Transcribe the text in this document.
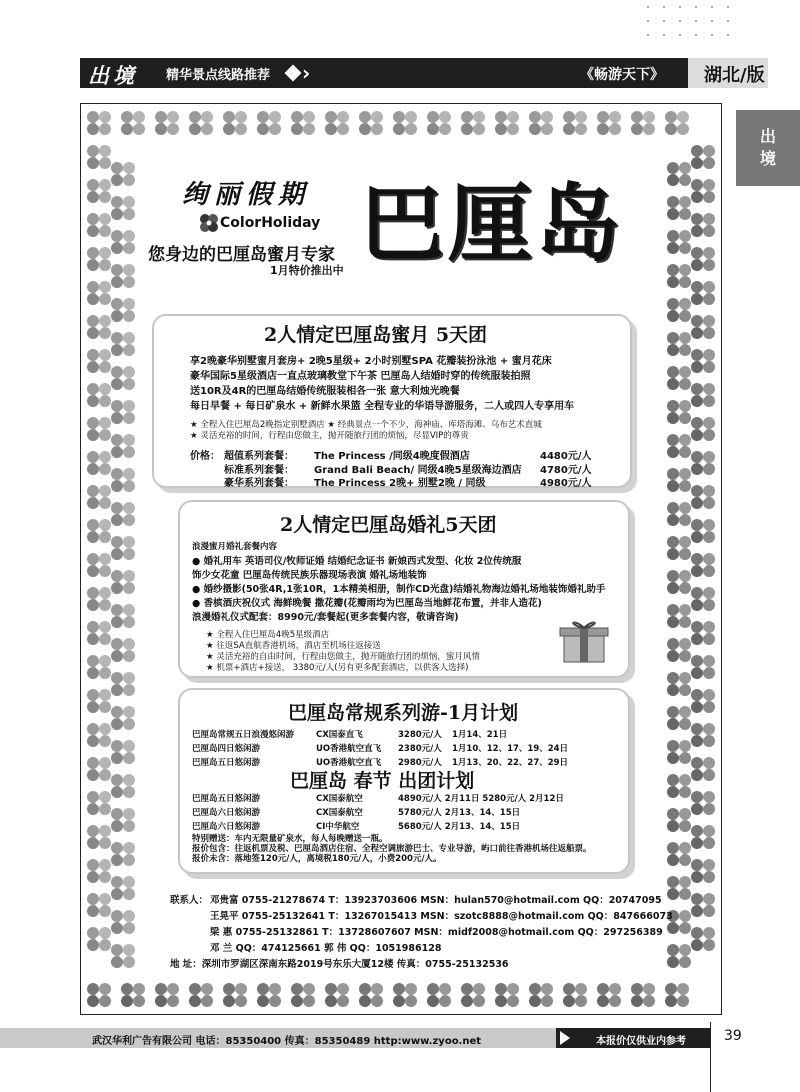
出境 精华景点线路推荐 ›	《畅游天下》 湖北/版
出
境
绚丽假期
ColorHoliday
您身边的巴厘岛蜜月专家
1月特价推出中 巴厘岛
2人情定巴厘岛蜜月 5天团
享2晚豪华别墅蜜月套房+ 2晚5星级+ 2小时别墅SPA 花瓣装扮泳池 + 蜜月花床
豪华国际5星级酒店一直点玻璃教堂下午茶 巴厘岛人结婚时穿的传统服装拍照
送10R及4R的巴厘岛结婚传统服装相各一张 意大利烛光晚餐
每日早餐 + 每日矿泉水 + 新鲜水果篮 全程专业的华语导游服务，二人或四人专享用车
★ 全程入住巴厘岛2晚指定别墅酒店 ★ 经典景点一个不少，海神庙、库塔海滩、乌布艺术直城
★ 灵活充裕的时间，行程由您做主，抛开随旅行团的烦恼，尽显VIP的尊贵
价格： 超值系列套餐： The Princess /同级4晚度假酒店	4480元/人
标准系列套餐： Grand Bali Beach/ 同级4晚5星级海边酒店 4780元/人
豪华系列套餐： The Princess 2晚+ 别墅2晚 / 同级	4980元/人
2人情定巴厘岛婚礼5天团
浪漫蜜月婚礼套餐内容
● 婚礼用车 英语司仪/牧师证婚 结婚纪念证书 新娘西式发型、化妆 2位传统服
饰少女花童 巴厘岛传统民族乐器现场表演 婚礼场地装饰
● 婚纱摄影(50张4R,1张10R，1本精美相册，制作CD光盘)结婚礼物海边婚礼场地装饰婚礼助手
● 香槟酒庆祝仪式 海鲜晚餐 撒花瓣(花瓣雨均为巴厘岛当地鲜花布置，并非人造花)
浪漫婚礼仪式配套：8990元/套餐起(更多套餐内容，敬请咨询)
★ 全程入住巴厘岛4晚5星级酒店
★ 往返SA直航香港机场，酒店至机场往返接送
★ 灵活充裕的自由时间，行程由您做主，抛开随旅行团的烦恼，蜜月风情
★ 机票+酒店+接送， 3380元/人(另有更多配套酒店，以供客人选择)
巴厘岛常规系列游-1月计划
巴厘岛常规五日浪漫悠闲游	CX国泰直飞	3280元/人 1月14、21日
巴厘岛四日悠闲游	UO香港航空直飞 2380元/人 1月10、12、17、19、24日
巴厘岛五日悠闲游	UO香港航空直飞 2980元/人 1月13、20、22、27、29日
巴厘岛五日悠闲游	CX国泰航空	4890元/人 2月11日 5280元/人 2月12日
巴厘岛六日悠闲游	CX国泰航空	5780元/人 2月13、14、15日
巴厘岛六日悠闲游	CI中华航空	5680元/人 2月13、14、15日
巴厘岛 春节 出团计划
特别赠送：车内无限量矿泉水，每人每晚赠送一瓶。
报价包含：往返机票及税、巴厘岛酒店住宿、全程空调旅游巴士、专业导游，屿口前往香港机场往返船票。
报价未含：落地签120元/人，离境税180元/人，小费200元/人。
联系人： 邓贵富 0755-21278674 T：13923703606 MSN：hulan570@hotmail.com QQ：20747095
王晃平 0755-25132641 T：13267015413 MSN：szotc8888@hotmail.com QQ：847666073
梁 惠 0755-25132861 T：13728607607 MSN：midf2008@hotmail.com QQ：297256389
邓 兰 QQ：474125661 郭 伟 QQ：1051986128
地 址：深圳市罗湖区深南东路2019号东乐大厦12楼 传真：0755-25132536
武汉华利广告有限公司 电话：85350400 传真：85350489 http:www.zyoo.net	本报价仅供业内参考	39
